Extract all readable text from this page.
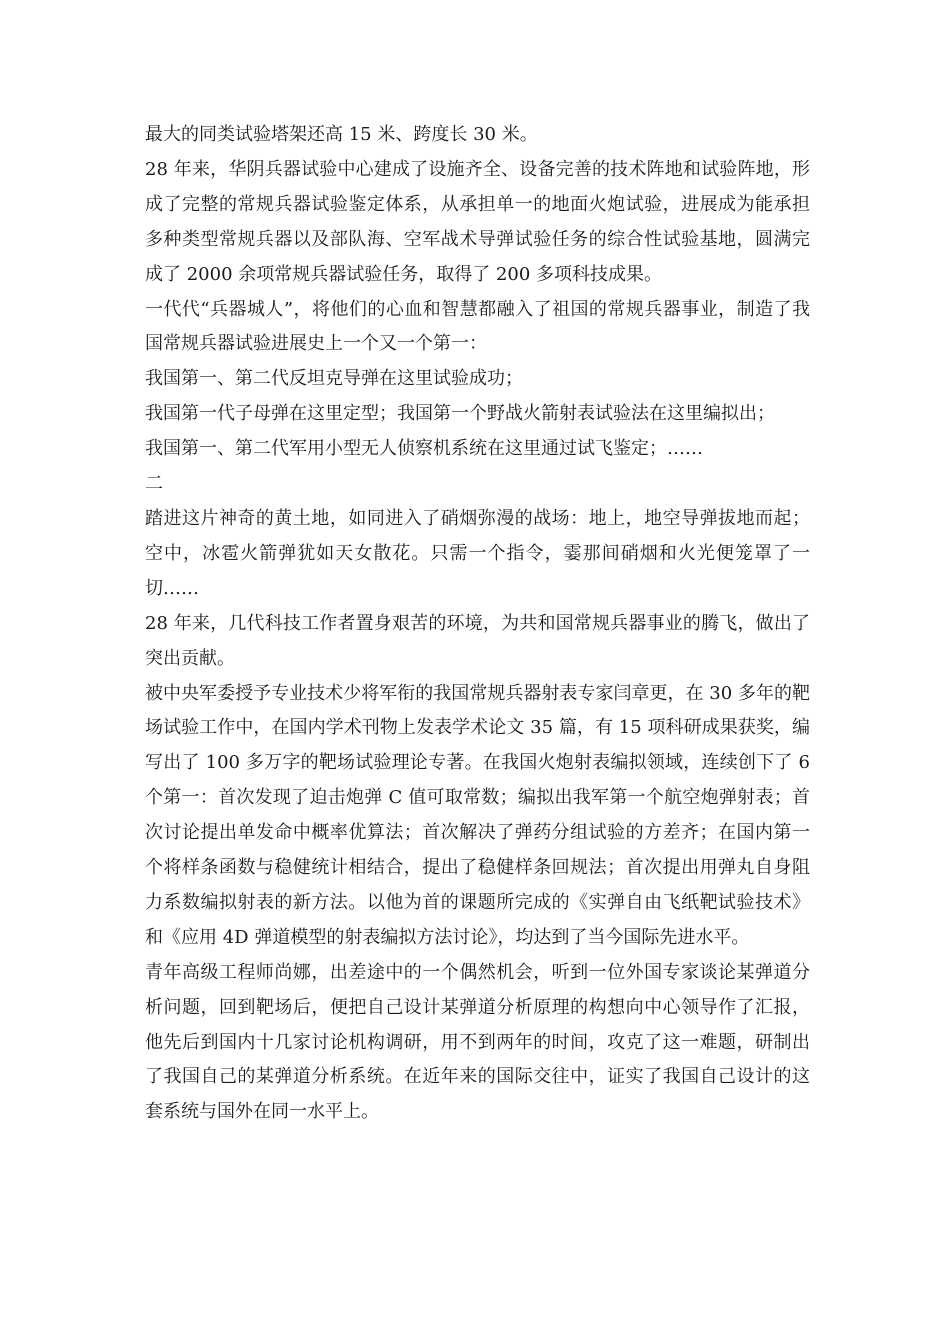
最大的同类试验塔架还高 15 米、跨度长 30 米。

28 年来，华阴兵器试验中心建成了设施齐全、设备完善的技术阵地和试验阵地，形成了完整的常规兵器试验鉴定体系，从承担单一的地面火炮试验，进展成为能承担多种类型常规兵器以及部队海、空军战术导弹试验任务的综合性试验基地，圆满完成了 2000 余项常规兵器试验任务，取得了 200 多项科技成果。

一代代“兵器城人”，将他们的心血和智慧都融入了祖国的常规兵器事业，制造了我国常规兵器试验进展史上一个又一个第一：

我国第一、第二代反坦克导弹在这里试验成功；

我国第一代子母弹在这里定型；我国第一个野战火箭射表试验法在这里编拟出；

我国第一、第二代军用小型无人侦察机系统在这里通过试飞鉴定；……

二

踏进这片神奇的黄土地，如同进入了硝烟弥漫的战场：地上，地空导弹拔地而起；空中，冰雹火箭弹犹如天女散花。只需一个指令，霎那间硝烟和火光便笼罩了一切……

28 年来，几代科技工作者置身艰苦的环境，为共和国常规兵器事业的腾飞，做出了突出贡献。

被中央军委授予专业技术少将军衔的我国常规兵器射表专家闫章更，在 30 多年的靶场试验工作中，在国内学术刊物上发表学术论文 35 篇，有 15 项科研成果获奖，编写出了 100 多万字的靶场试验理论专著。在我国火炮射表编拟领域，连续创下了 6 个第一：首次发现了迫击炮弹 C 值可取常数；编拟出我军第一个航空炮弹射表；首次讨论提出单发命中概率优算法；首次解决了弹药分组试验的方差齐；在国内第一个将样条函数与稳健统计相结合，提出了稳健样条回规法；首次提出用弹丸自身阻力系数编拟射表的新方法。以他为首的课题所完成的《实弹自由飞纸靶试验技术》和《应用 4D 弹道模型的射表编拟方法讨论》，均达到了当今国际先进水平。

青年高级工程师尚娜，出差途中的一个偶然机会，听到一位外国专家谈论某弹道分析问题，回到靶场后，便把自己设计某弹道分析原理的构想向中心领导作了汇报，他先后到国内十几家讨论机构调研，用不到两年的时间，攻克了这一难题，研制出了我国自己的某弹道分析系统。在近年来的国际交往中，证实了我国自己设计的这套系统与国外在同一水平上。
